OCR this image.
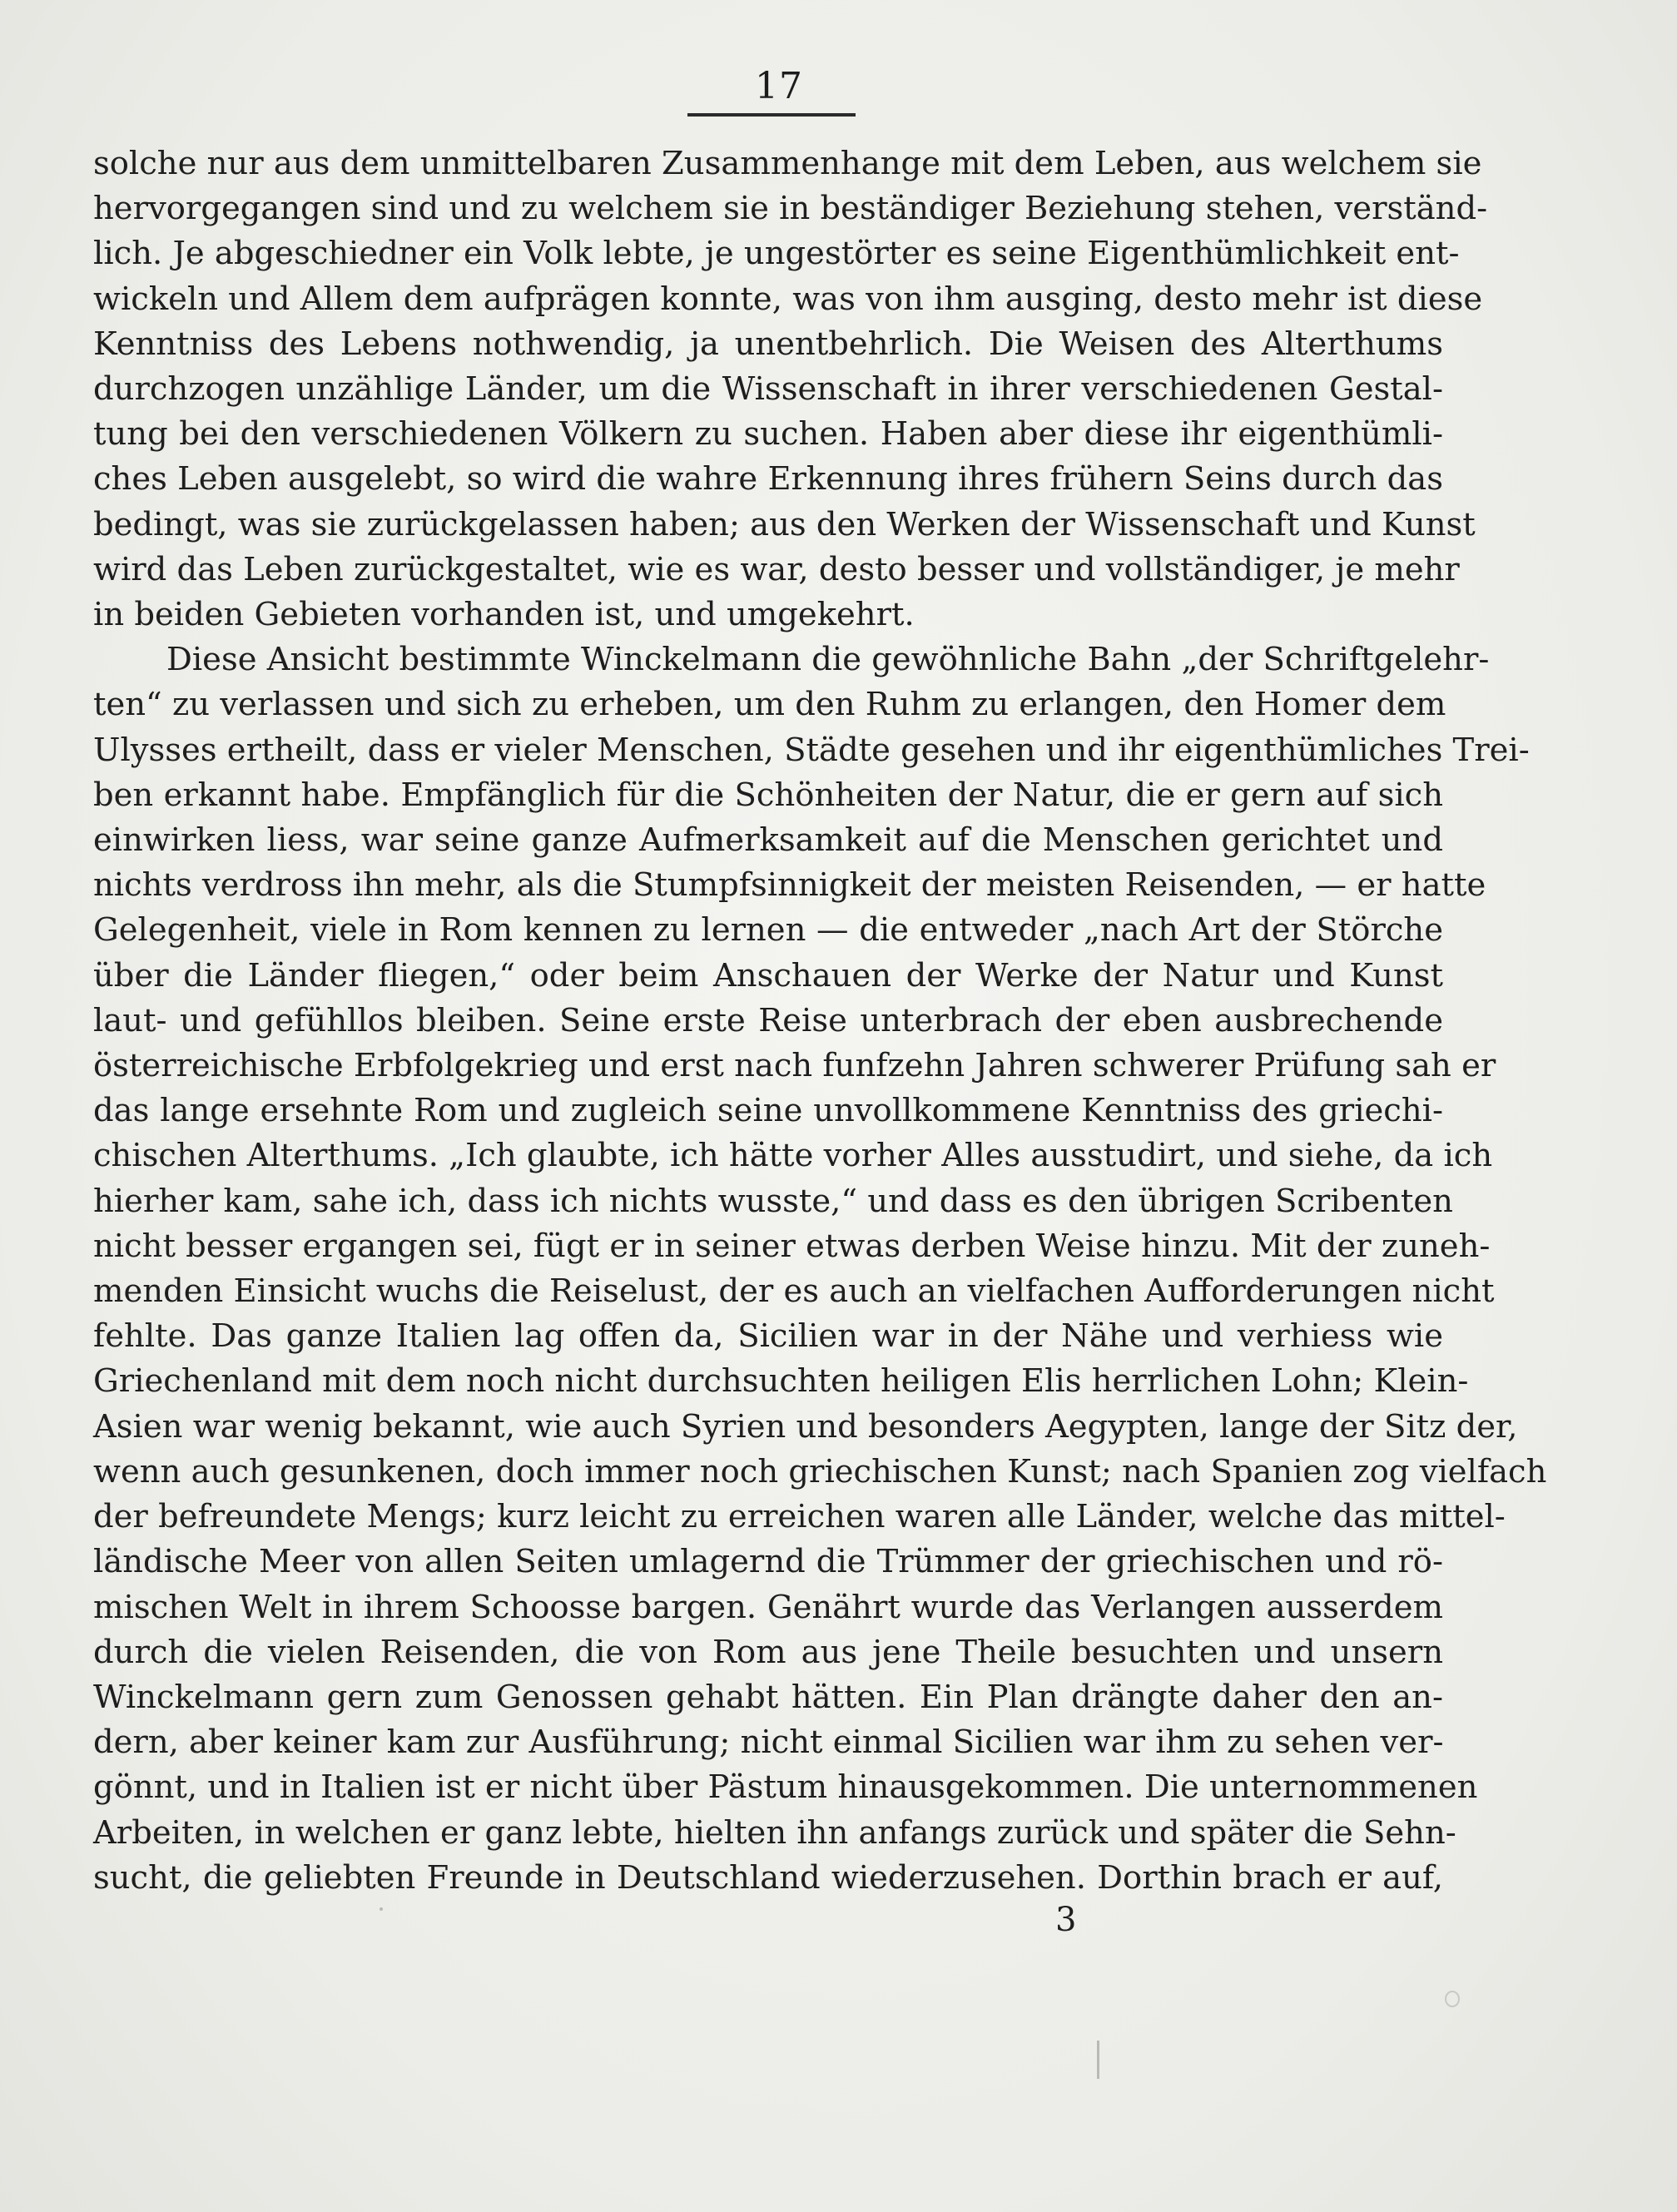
17
solche nur aus dem unmittelbaren Zusammenhange mit dem Leben, aus welchem sie
hervorgegangen sind und zu welchem sie in beständiger Beziehung stehen, verständ-
lich. Je abgeschiedner ein Volk lebte, je ungestörter es seine Eigenthümlichkeit ent-
wickeln und Allem dem aufprägen konnte, was von ihm ausging, desto mehr ist diese
Kenntniss des Lebens nothwendig, ja unentbehrlich. Die Weisen des Alterthums
durchzogen unzählige Länder, um die Wissenschaft in ihrer verschiedenen Gestal-
tung bei den verschiedenen Völkern zu suchen. Haben aber diese ihr eigenthümli-
ches Leben ausgelebt, so wird die wahre Erkennung ihres frühern Seins durch das
bedingt, was sie zurückgelassen haben; aus den Werken der Wissenschaft und Kunst
wird das Leben zurückgestaltet, wie es war, desto besser und vollständiger, je mehr
in beiden Gebieten vorhanden ist, und umgekehrt.
Diese Ansicht bestimmte Winckelmann die gewöhnliche Bahn „der Schriftgelehr-
ten“ zu verlassen und sich zu erheben, um den Ruhm zu erlangen, den Homer dem
Ulysses ertheilt, dass er vieler Menschen, Städte gesehen und ihr eigenthümliches Trei-
ben erkannt habe. Empfänglich für die Schönheiten der Natur, die er gern auf sich
einwirken liess, war seine ganze Aufmerksamkeit auf die Menschen gerichtet und
nichts verdross ihn mehr, als die Stumpfsinnigkeit der meisten Reisenden, — er hatte
Gelegenheit, viele in Rom kennen zu lernen — die entweder „nach Art der Störche
über die Länder fliegen,“ oder beim Anschauen der Werke der Natur und Kunst
laut- und gefühllos bleiben. Seine erste Reise unterbrach der eben ausbrechende
österreichische Erbfolgekrieg und erst nach funfzehn Jahren schwerer Prüfung sah er
das lange ersehnte Rom und zugleich seine unvollkommene Kenntniss des griechi-
chischen Alterthums. „Ich glaubte, ich hätte vorher Alles ausstudirt, und siehe, da ich
hierher kam, sahe ich, dass ich nichts wusste,“ und dass es den übrigen Scribenten
nicht besser ergangen sei, fügt er in seiner etwas derben Weise hinzu. Mit der zuneh-
menden Einsicht wuchs die Reiselust, der es auch an vielfachen Aufforderungen nicht
fehlte. Das ganze Italien lag offen da, Sicilien war in der Nähe und verhiess wie
Griechenland mit dem noch nicht durchsuchten heiligen Elis herrlichen Lohn; Klein-
Asien war wenig bekannt, wie auch Syrien und besonders Aegypten, lange der Sitz der,
wenn auch gesunkenen, doch immer noch griechischen Kunst; nach Spanien zog vielfach
der befreundete Mengs; kurz leicht zu erreichen waren alle Länder, welche das mittel-
ländische Meer von allen Seiten umlagernd die Trümmer der griechischen und rö-
mischen Welt in ihrem Schoosse bargen. Genährt wurde das Verlangen ausserdem
durch die vielen Reisenden, die von Rom aus jene Theile besuchten und unsern
Winckelmann gern zum Genossen gehabt hätten. Ein Plan drängte daher den an-
dern, aber keiner kam zur Ausführung; nicht einmal Sicilien war ihm zu sehen ver-
gönnt, und in Italien ist er nicht über Pästum hinausgekommen. Die unternommenen
Arbeiten, in welchen er ganz lebte, hielten ihn anfangs zurück und später die Sehn-
sucht, die geliebten Freunde in Deutschland wiederzusehen. Dorthin brach er auf,
3
